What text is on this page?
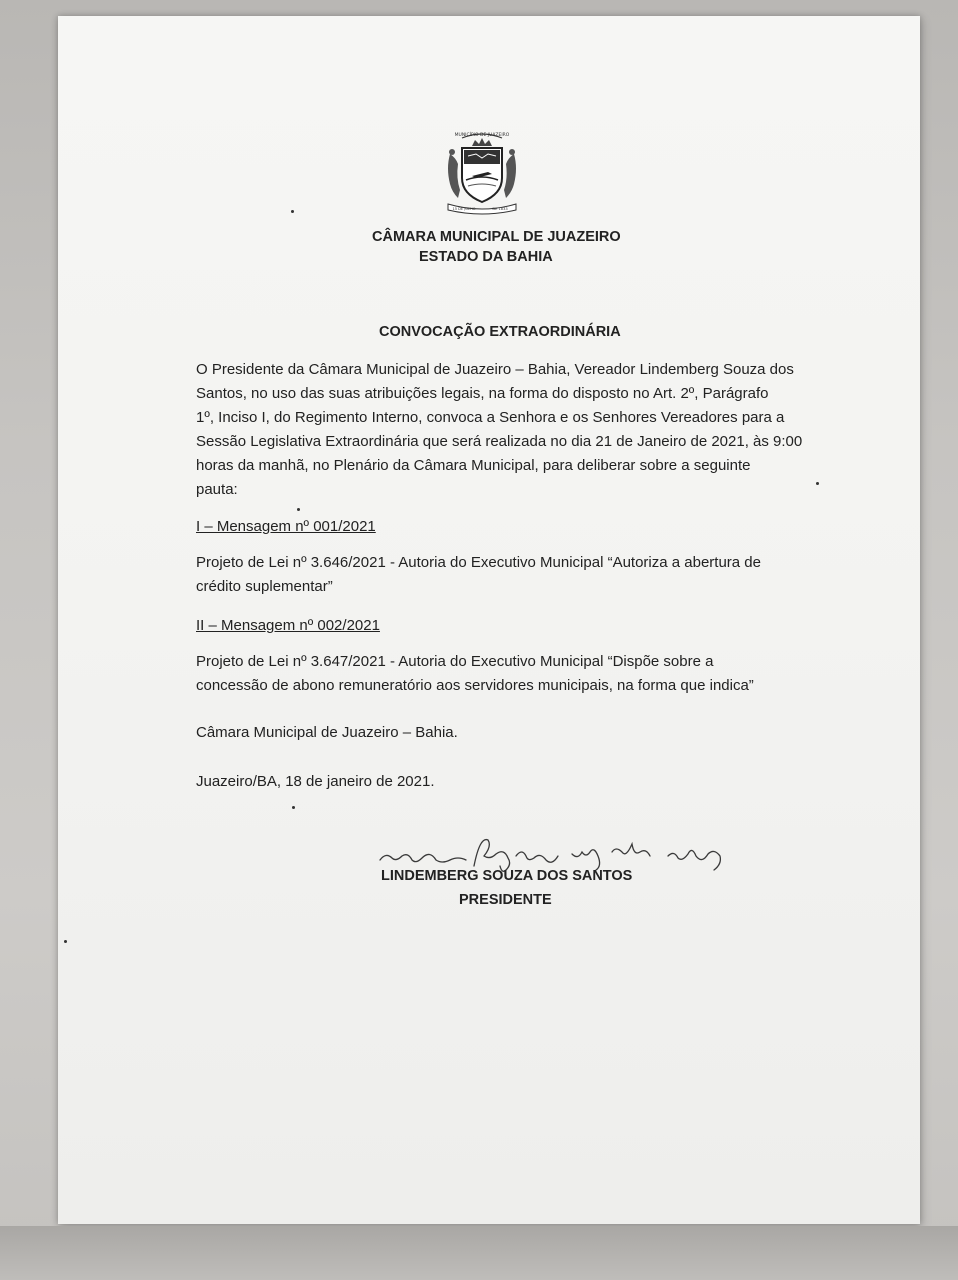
MUNICÍPIO DE JUAZEIRO
15 DE JULHO	DE 1833
CÂMARA MUNICIPAL DE JUAZEIRO
ESTADO DA BAHIA
CONVOCAÇÃO EXTRAORDINÁRIA
O Presidente da Câmara Municipal de Juazeiro – Bahia, Vereador Lindemberg Souza dos
Santos, no uso das suas atribuições legais, na forma do disposto no Art. 2º, Parágrafo
1º, Inciso I, do Regimento Interno, convoca a Senhora e os Senhores Vereadores para a
Sessão Legislativa Extraordinária que será realizada no dia 21 de Janeiro de 2021, às 9:00
horas da manhã, no Plenário da Câmara Municipal, para deliberar sobre a seguinte
pauta:
I – Mensagem nº 001/2021
Projeto de Lei nº 3.646/2021 - Autoria do Executivo Municipal “Autoriza a abertura de
crédito suplementar”
II – Mensagem nº 002/2021
Projeto de Lei nº 3.647/2021 - Autoria do Executivo Municipal “Dispõe sobre a
concessão de abono remuneratório aos servidores municipais, na forma que indica”
Câmara Municipal de Juazeiro – Bahia.
Juazeiro/BA, 18 de janeiro de 2021.
LINDEMBERG SOUZA DOS SANTOS
PRESIDENTE
